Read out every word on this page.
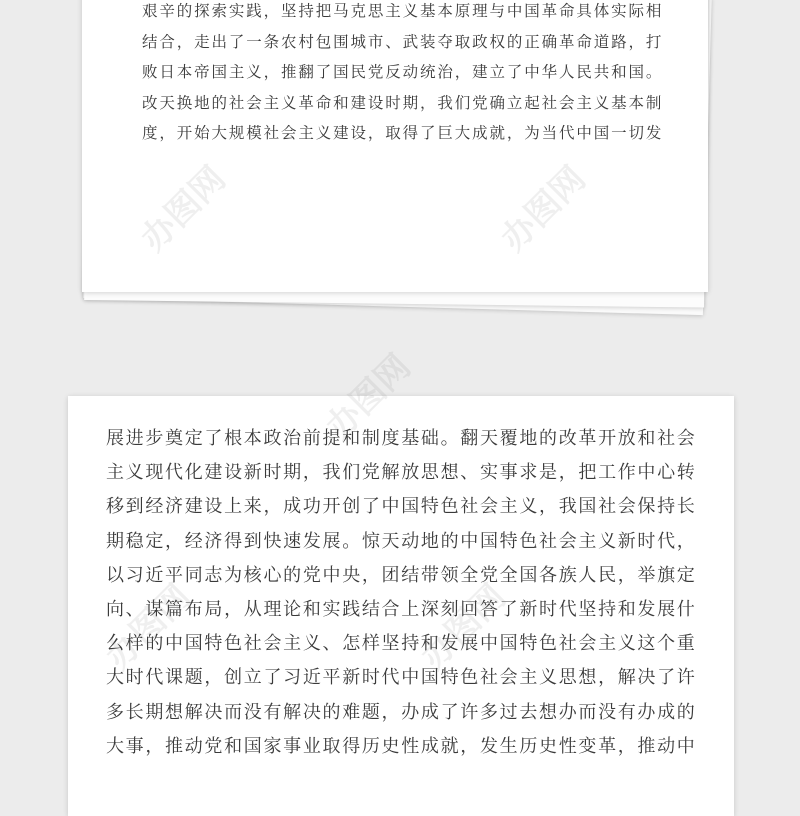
艰辛的探索实践，坚持把马克思主义基本原理与中国革命具体实际相
结合，走出了一条农村包围城市、武装夺取政权的正确革命道路，打
败日本帝国主义，推翻了国民党反动统治，建立了中华人民共和国。
改天换地的社会主义革命和建设时期，我们党确立起社会主义基本制
度，开始大规模社会主义建设，取得了巨大成就，为当代中国一切发
展进步奠定了根本政治前提和制度基础。翻天覆地的改革开放和社会
主义现代化建设新时期，我们党解放思想、实事求是，把工作中心转
移到经济建设上来，成功开创了中国特色社会主义，我国社会保持长
期稳定，经济得到快速发展。惊天动地的中国特色社会主义新时代，
以习近平同志为核心的党中央，团结带领全党全国各族人民，举旗定
向、谋篇布局，从理论和实践结合上深刻回答了新时代坚持和发展什
么样的中国特色社会主义、怎样坚持和发展中国特色社会主义这个重
大时代课题，创立了习近平新时代中国特色社会主义思想，解决了许
多长期想解决而没有解决的难题，办成了许多过去想办而没有办成的
大事，推动党和国家事业取得历史性成就，发生历史性变革，推动中
